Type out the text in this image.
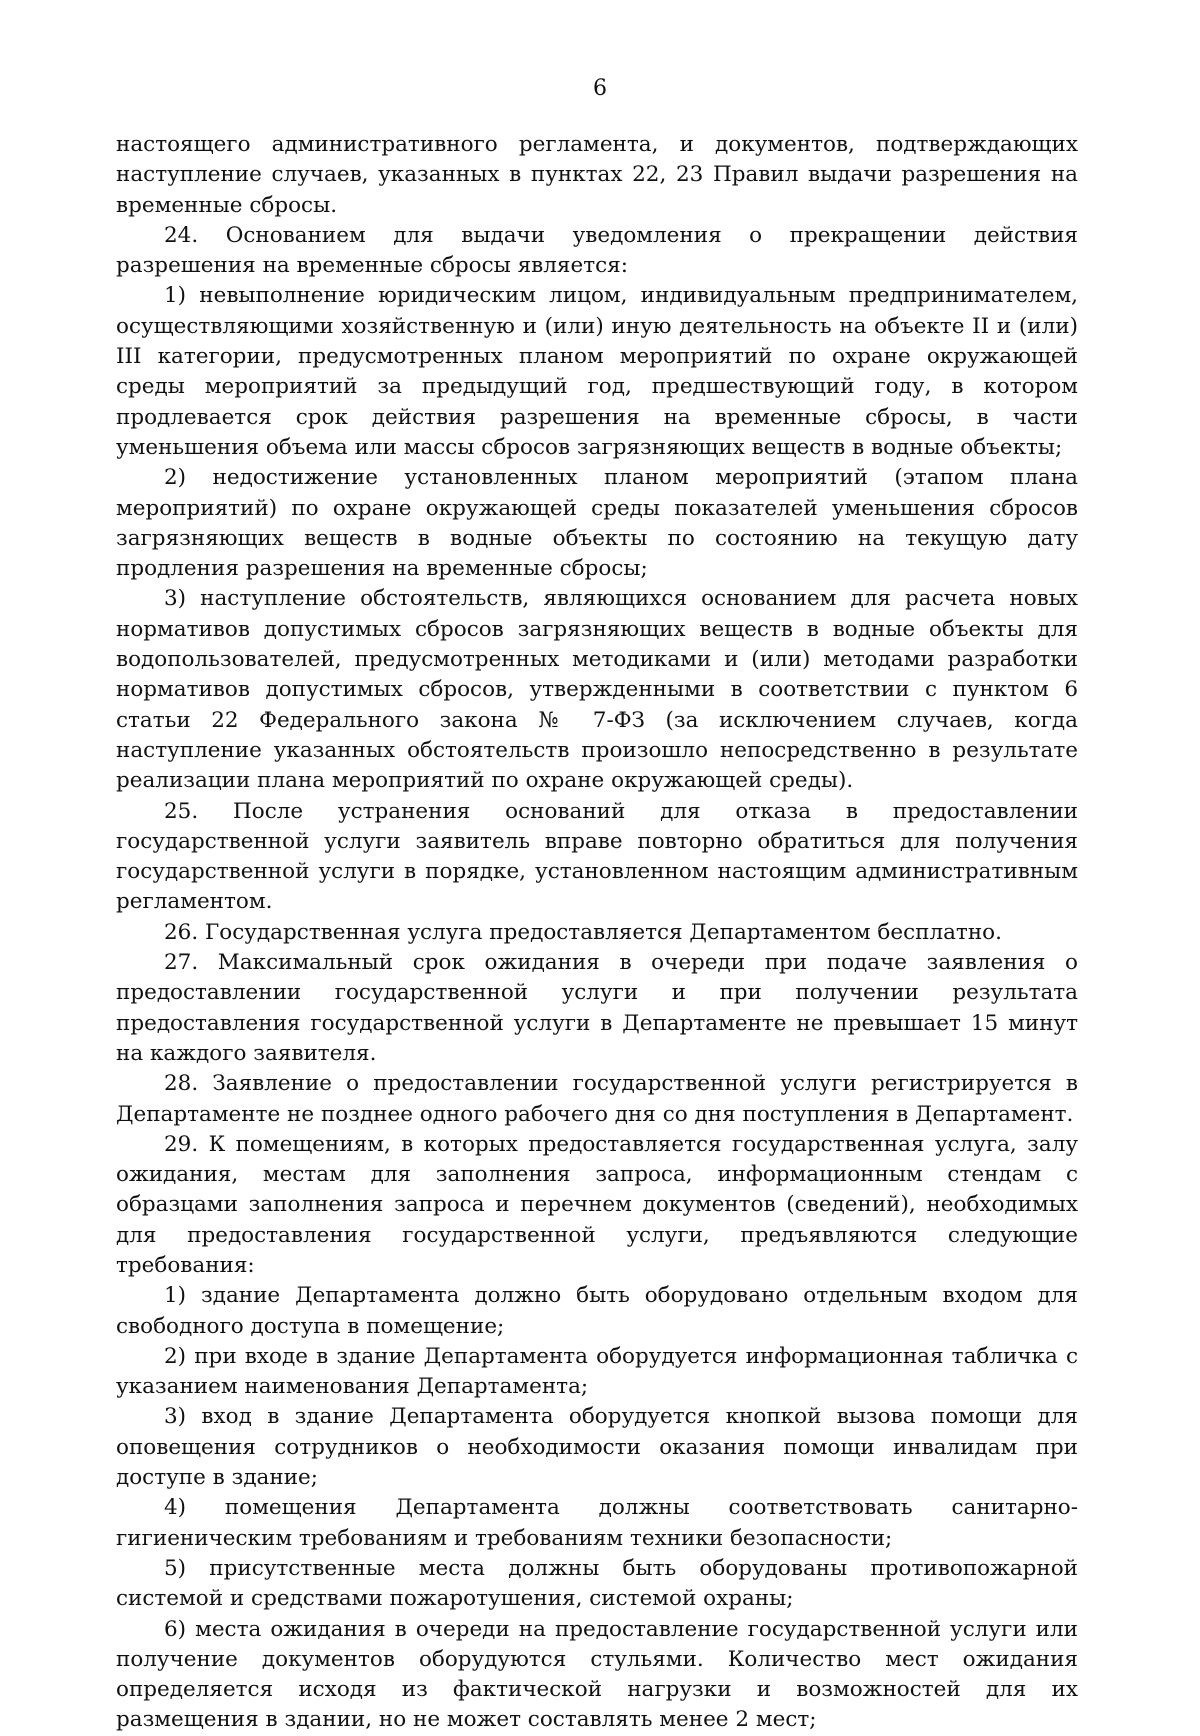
6

настоящего административного регламента, и документов, подтверждающих наступление случаев, указанных в пунктах 22, 23 Правил выдачи разрешения на временные сбросы.

24. Основанием для выдачи уведомления о прекращении действия разрешения на временные сбросы является:

1) невыполнение юридическим лицом, индивидуальным предпринимателем, осуществляющими хозяйственную и (или) иную деятельность на объекте II и (или) III категории, предусмотренных планом мероприятий по охране окружающей среды мероприятий за предыдущий год, предшествующий году, в котором продлевается срок действия разрешения на временные сбросы, в части уменьшения объема или массы сбросов загрязняющих веществ в водные объекты;

2) недостижение установленных планом мероприятий (этапом плана мероприятий) по охране окружающей среды показателей уменьшения сбросов загрязняющих веществ в водные объекты по состоянию на текущую дату продления разрешения на временные сбросы;

3) наступление обстоятельств, являющихся основанием для расчета новых нормативов допустимых сбросов загрязняющих веществ в водные объекты для водопользователей, предусмотренных методиками и (или) методами разработки нормативов допустимых сбросов, утвержденными в соответствии с пунктом 6 статьи 22 Федерального закона № 7-ФЗ (за исключением случаев, когда наступление указанных обстоятельств произошло непосредственно в результате реализации плана мероприятий по охране окружающей среды).

25. После устранения оснований для отказа в предоставлении государственной услуги заявитель вправе повторно обратиться для получения государственной услуги в порядке, установленном настоящим административным регламентом.

26. Государственная услуга предоставляется Департаментом бесплатно.

27. Максимальный срок ожидания в очереди при подаче заявления о предоставлении государственной услуги и при получении результата предоставления государственной услуги в Департаменте не превышает 15 минут на каждого заявителя.

28. Заявление о предоставлении государственной услуги регистрируется в Департаменте не позднее одного рабочего дня со дня поступления в Департамент.

29. К помещениям, в которых предоставляется государственная услуга, залу ожидания, местам для заполнения запроса, информационным стендам с образцами заполнения запроса и перечнем документов (сведений), необходимых для предоставления государственной услуги, предъявляются следующие требования:

1) здание Департамента должно быть оборудовано отдельным входом для свободного доступа в помещение;

2) при входе в здание Департамента оборудуется информационная табличка с указанием наименования Департамента;

3) вход в здание Департамента оборудуется кнопкой вызова помощи для оповещения сотрудников о необходимости оказания помощи инвалидам при доступе в здание;

4) помещения Департамента должны соответствовать санитарно-гигиеническим требованиям и требованиям техники безопасности;

5) присутственные места должны быть оборудованы противопожарной системой и средствами пожаротушения, системой охраны;

6) места ожидания в очереди на предоставление государственной услуги или получение документов оборудуются стульями. Количество мест ожидания определяется исходя из фактической нагрузки и возможностей для их размещения в здании, но не может составлять менее 2 мест;
